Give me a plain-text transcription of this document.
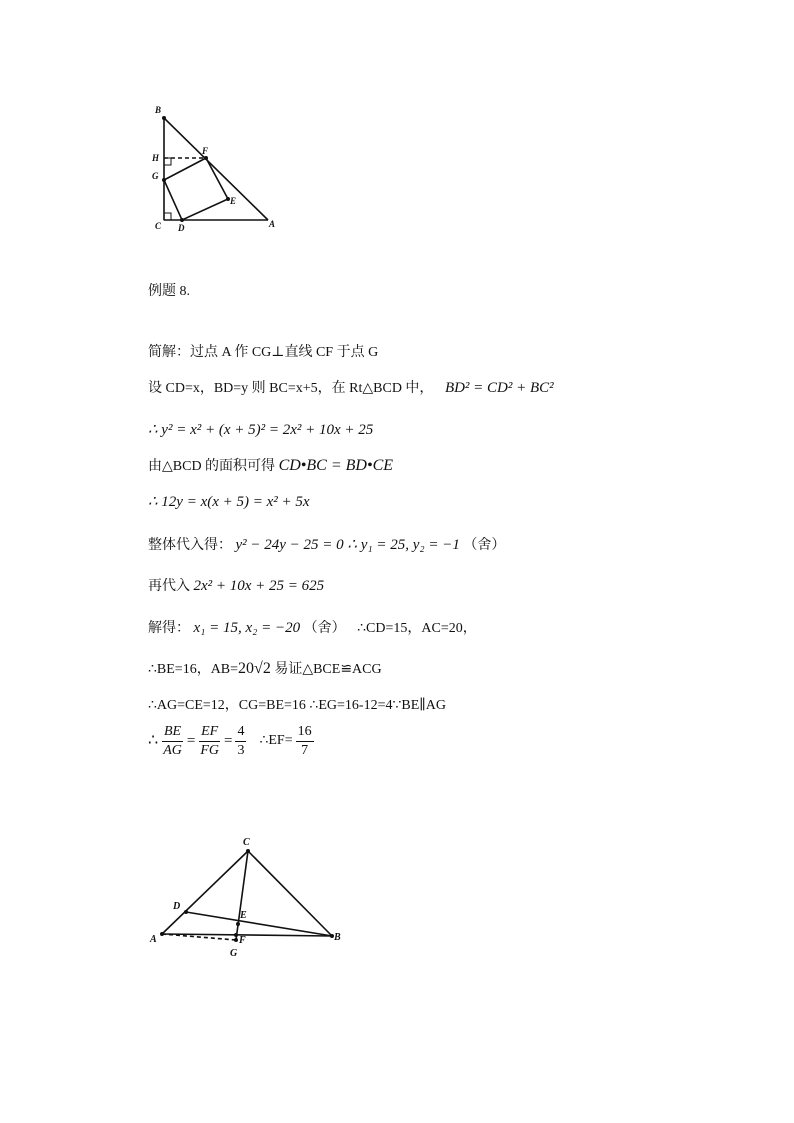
B
H
F
G
E
C D	A
例题 8.
简解：过点 A 作 CG⊥直线 CF 于点 G
设 CD=x，BD=y 则 BC=x+5，在 Rt△BCD 中， BD² = CD² + BC²
∴ y² = x² + (x + 5)² = 2x² + 10x + 25
由△BCD 的面积可得 CD•BC = BD•CE
∴ 12y = x(x + 5) = x² + 5x
整体代入得： y² − 24y − 25 = 0 ∴ y₁ = 25, y₂ = −1 （舍）
再代入 2x² + 10x + 25 = 625
解得： x₁ = 15, x₂ = −20 （舍） ∴CD=15，AC=20，
∴BE=16，AB=20√2 易证△BCE≌ACG
∴AG=CE=12，CG=BE=16 ∴EG=16-12=4∵BE∥AG
∴ $\frac{BE}{AG} = \frac{EF}{FG} = \frac{4}{3}$ ∴EF= $\frac{16}{7}$
C
D
E
A	F	B
G
